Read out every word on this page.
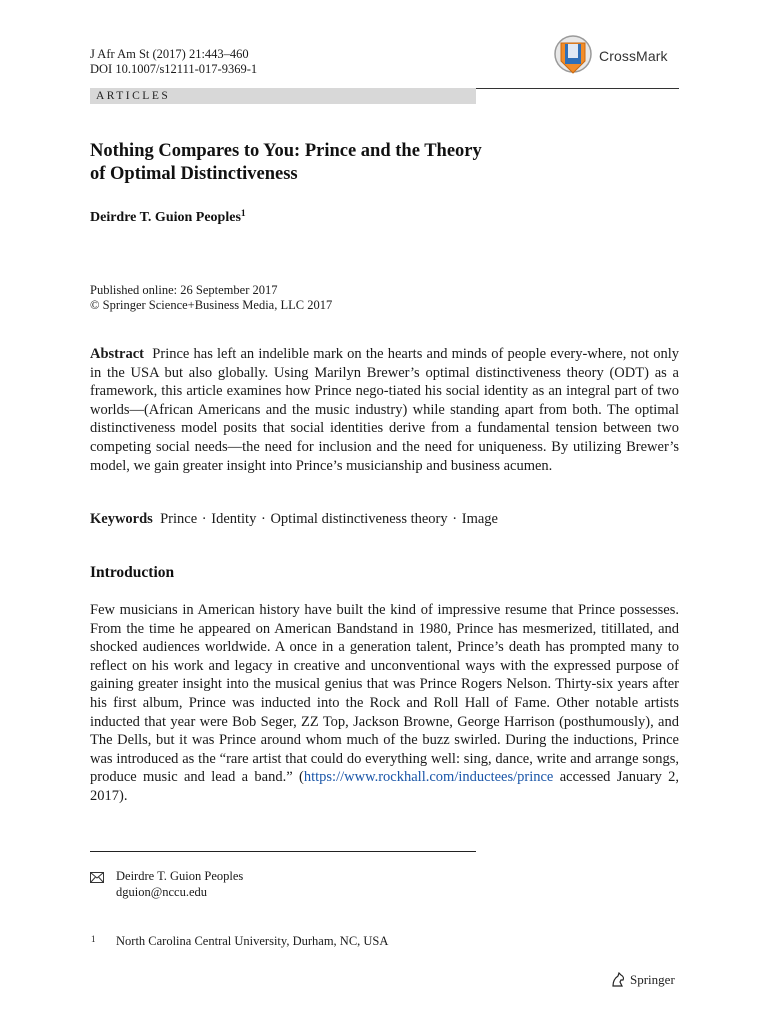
J Afr Am St (2017) 21:443–460
DOI 10.1007/s12111-017-9369-1
CrossMark
ARTICLES
Nothing Compares to You: Prince and the Theory
of Optimal Distinctiveness
Deirdre T. Guion Peoples$^1$
Published online: 26 September 2017
© Springer Science+Business Media, LLC 2017
Abstract Prince has left an indelible mark on the hearts and minds of people every-where, not only in the USA but also globally. Using Marilyn Brewer’s optimal distinctiveness theory (ODT) as a framework, this article examines how Prince nego-tiated his social identity as an integral part of two worlds—(African Americans and the music industry) while standing apart from both. The optimal distinctiveness model posits that social identities derive from a fundamental tension between two competing social needs—the need for inclusion and the need for uniqueness. By utilizing Brewer’s model, we gain greater insight into Prince’s musicianship and business acumen.
Keywords Prince · Identity · Optimal distinctiveness theory · Image
Introduction
Few musicians in American history have built the kind of impressive resume that Prince possesses. From the time he appeared on American Bandstand in 1980, Prince has mesmerized, titillated, and shocked audiences worldwide. A once in a generation talent, Prince’s death has prompted many to reflect on his work and legacy in creative and unconventional ways with the expressed purpose of gaining greater insight into the musical genius that was Prince Rogers Nelson. Thirty-six years after his first album, Prince was inducted into the Rock and Roll Hall of Fame. Other notable artists inducted that year were Bob Seger, ZZ Top, Jackson Browne, George Harrison (posthumously), and The Dells, but it was Prince around whom much of the buzz swirled. During the inductions, Prince was introduced as the “rare artist that could do everything well: sing, dance, write and arrange songs, produce music and lead a band.” (https://www.rockhall.com/inductees/prince accessed January 2, 2017).
Deirdre T. Guion Peoples
dguion@nccu.edu
1 North Carolina Central University, Durham, NC, USA
Springer
